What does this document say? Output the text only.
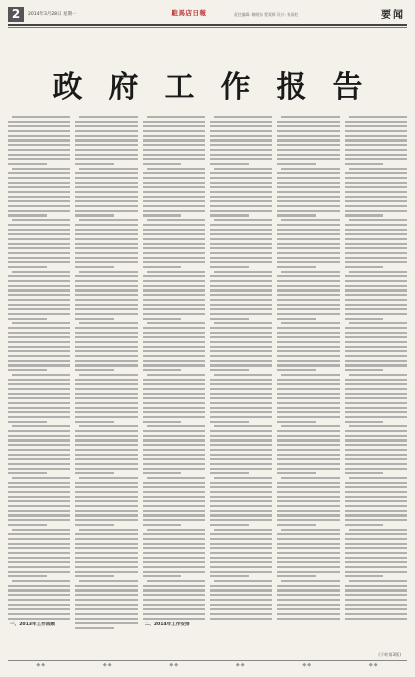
2	2014年3月28日 星期一	駐馬店日報	责任编辑: 赖晓东 程爱辉 设计: 张雨柱	要闻
政府工作报告
一、2013年工作回顾	二、2014年工作安排
(下转第3版)
◆◆	◆◆	◆◆	◆◆	◆◆	◆◆
